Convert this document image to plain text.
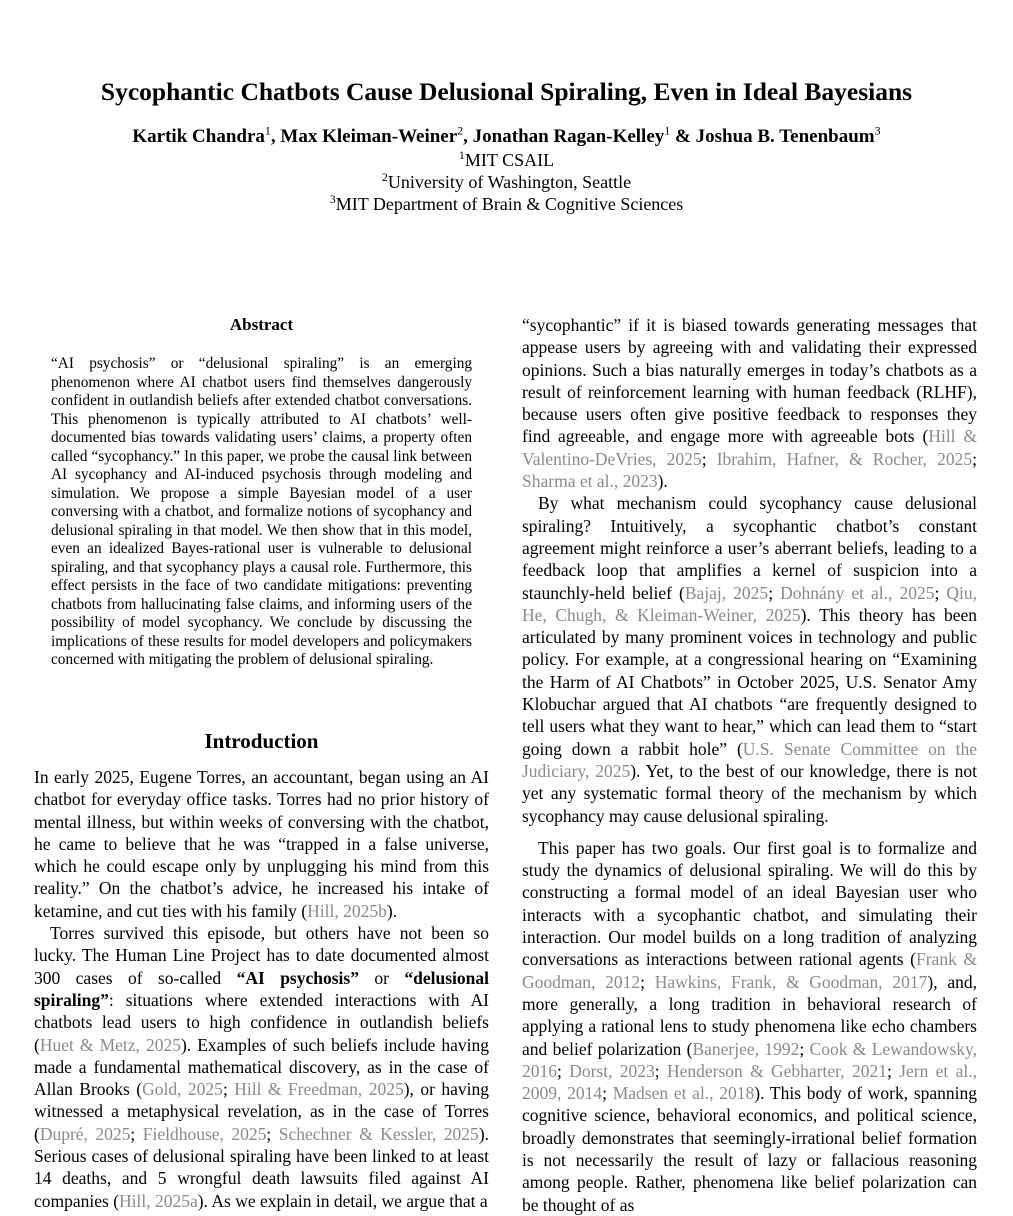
Sycophantic Chatbots Cause Delusional Spiraling, Even in Ideal Bayesians
Kartik Chandra$^1$, Max Kleiman-Weiner$^2$, Jonathan Ragan-Kelley$^1$ & Joshua B. Tenenbaum$^3$
$^1$MIT CSAIL
$^2$University of Washington, Seattle
$^3$MIT Department of Brain & Cognitive Sciences
Abstract

“AI psychosis” or “delusional spiraling” is an emerging phenomenon where AI chatbot users find themselves dangerously confident in outlandish beliefs after extended chatbot conversations. This phenomenon is typically attributed to AI chatbots’ well-documented bias towards validating users’ claims, a property often called “sycophancy.” In this paper, we probe the causal link between AI sycophancy and AI-induced psychosis through modeling and simulation. We propose a simple Bayesian model of a user conversing with a chatbot, and formalize notions of sycophancy and delusional spiraling in that model. We then show that in this model, even an idealized Bayes-rational user is vulnerable to delusional spiraling, and that sycophancy plays a causal role. Furthermore, this effect persists in the face of two candidate mitigations: preventing chatbots from hallucinating false claims, and informing users of the possibility of model sycophancy. We conclude by discussing the implications of these results for model developers and policymakers concerned with mitigating the problem of delusional spiraling.

Introduction

In early 2025, Eugene Torres, an accountant, began using an AI chatbot for everyday office tasks. Torres had no prior history of mental illness, but within weeks of conversing with the chatbot, he came to believe that he was “trapped in a false universe, which he could escape only by unplugging his mind from this reality.” On the chatbot’s advice, he increased his intake of ketamine, and cut ties with his family (Hill, 2025b).

Torres survived this episode, but others have not been so lucky. The Human Line Project has to date documented almost 300 cases of so-called “AI psychosis” or “delusional spiraling”: situations where extended interactions with AI chatbots lead users to high confidence in outlandish beliefs (Huet & Metz, 2025). Examples of such beliefs include having made a fundamental mathematical discovery, as in the case of Allan Brooks (Gold, 2025; Hill & Freedman, 2025), or having witnessed a metaphysical revelation, as in the case of Torres (Dupré, 2025; Fieldhouse, 2025; Schechner & Kessler, 2025). Serious cases of delusional spiraling have been linked to at least 14 deaths, and 5 wrongful death lawsuits filed against AI companies (Hill, 2025a). As we explain in detail, we argue that a

“sycophantic” if it is biased towards generating messages that appease users by agreeing with and validating their expressed opinions. Such a bias naturally emerges in today’s chatbots as a result of reinforcement learning with human feedback (RLHF), because users often give positive feedback to responses they find agreeable, and engage more with agreeable bots (Hill & Valentino-DeVries, 2025; Ibrahim, Hafner, & Rocher, 2025; Sharma et al., 2023).

By what mechanism could sycophancy cause delusional spiraling? Intuitively, a sycophantic chatbot’s constant agreement might reinforce a user’s aberrant beliefs, leading to a feedback loop that amplifies a kernel of suspicion into a staunchly-held belief (Bajaj, 2025; Dohnány et al., 2025; Qiu, He, Chugh, & Kleiman-Weiner, 2025). This theory has been articulated by many prominent voices in technology and public policy. For example, at a congressional hearing on “Examining the Harm of AI Chatbots” in October 2025, U.S. Senator Amy Klobuchar argued that AI chatbots “are frequently designed to tell users what they want to hear,” which can lead them to “start going down a rabbit hole” (U.S. Senate Committee on the Judiciary, 2025). Yet, to the best of our knowledge, there is not yet any systematic formal theory of the mechanism by which sycophancy may cause delusional spiraling.

This paper has two goals. Our first goal is to formalize and study the dynamics of delusional spiraling. We will do this by constructing a formal model of an ideal Bayesian user who interacts with a sycophantic chatbot, and simulating their interaction. Our model builds on a long tradition of analyzing conversations as interactions between rational agents (Frank & Goodman, 2012; Hawkins, Frank, & Goodman, 2017), and, more generally, a long tradition in behavioral research of applying a rational lens to study phenomena like echo chambers and belief polarization (Banerjee, 1992; Cook & Lewandowsky, 2016; Dorst, 2023; Henderson & Gebharter, 2021; Jern et al., 2009, 2014; Madsen et al., 2018). This body of work, spanning cognitive science, behavioral economics, and political science, broadly demonstrates that seemingly-irrational belief formation is not necessarily the result of lazy or fallacious reasoning among people. Rather, phenomena like belief polarization can be thought of as
